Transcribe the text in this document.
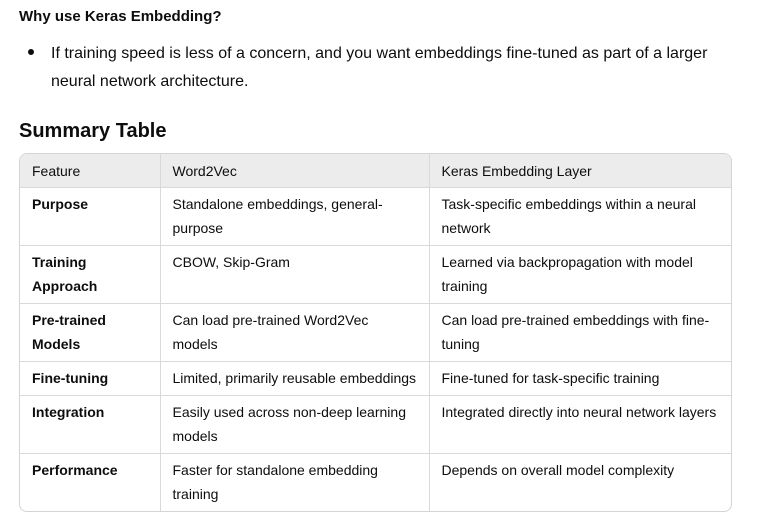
Why use Keras Embedding?
If training speed is less of a concern, and you want embeddings fine-tuned as part of a larger neural network architecture.
Summary Table
Feature	Word2Vec	Keras Embedding Layer
Purpose	Standalone embeddings, general-purpose	Task-specific embeddings within a neural network
Training Approach	CBOW, Skip-Gram	Learned via backpropagation with model training
Pre-trained Models	Can load pre-trained Word2Vec models	Can load pre-trained embeddings with fine-tuning
Fine-tuning	Limited, primarily reusable embeddings	Fine-tuned for task-specific training
Integration	Easily used across non-deep learning models	Integrated directly into neural network layers
Performance	Faster for standalone embedding training	Depends on overall model complexity
